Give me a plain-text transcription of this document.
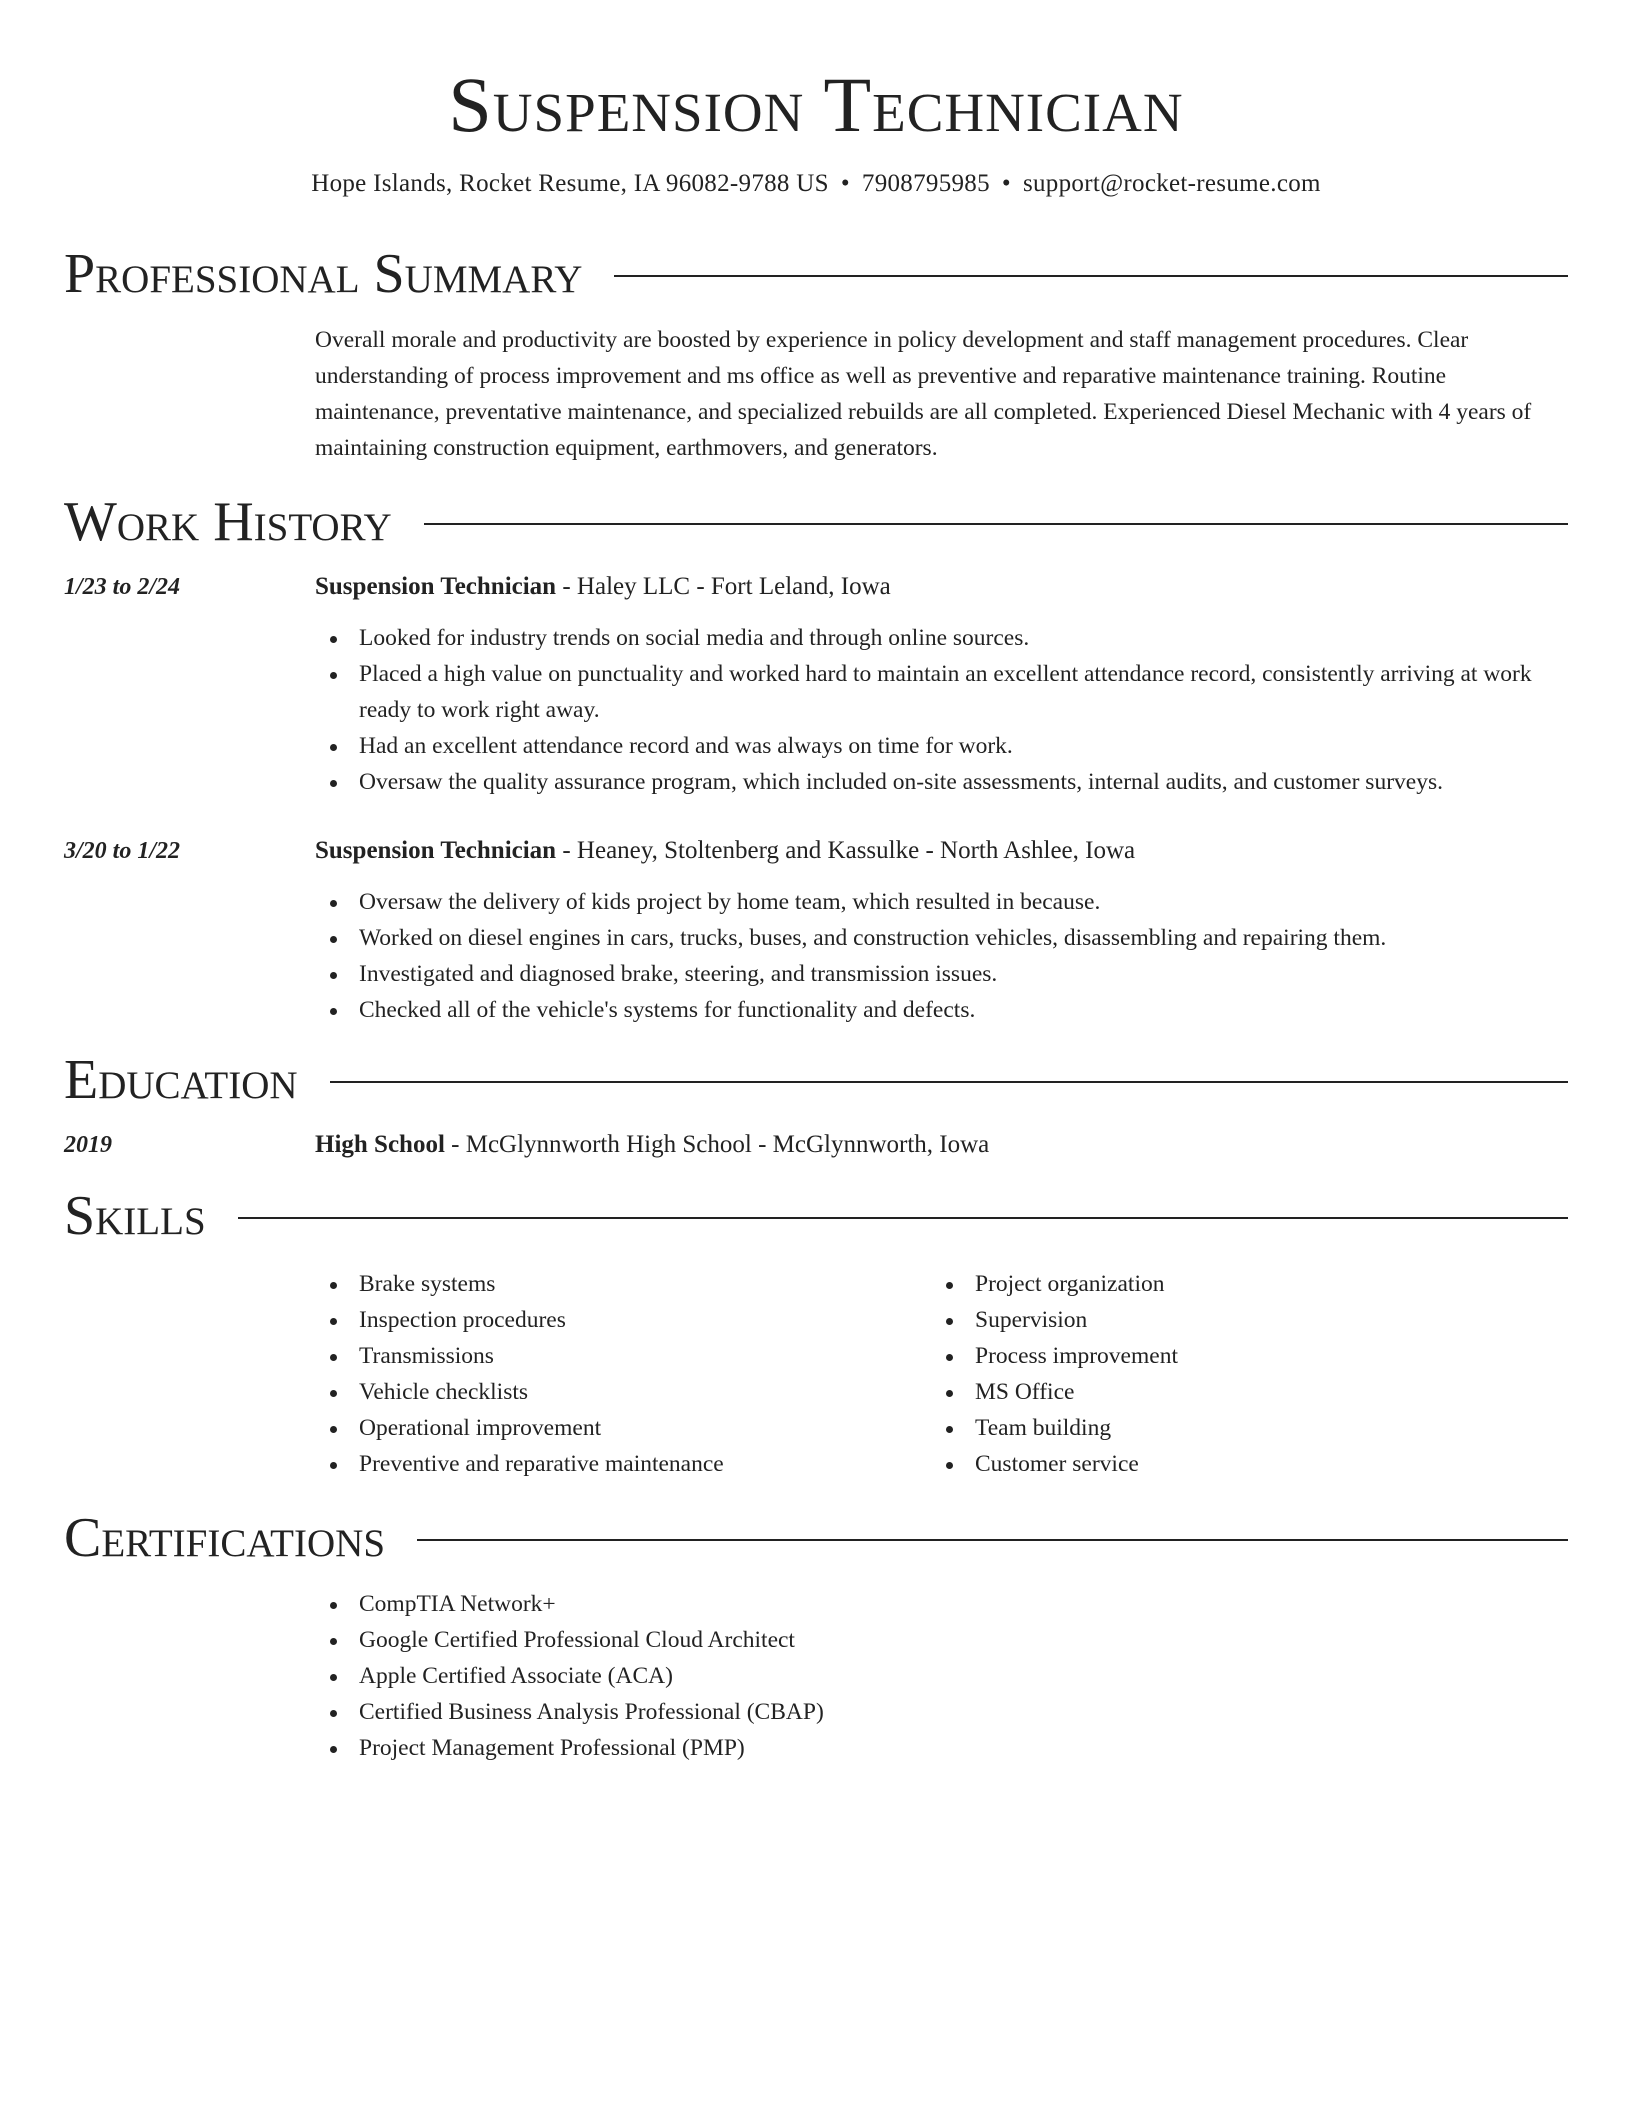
Suspension Technician
Hope Islands, Rocket Resume, IA 96082-9788 US • 7908795985 • support@rocket-resume.com
Professional Summary
Overall morale and productivity are boosted by experience in policy development and staff management procedures. Clear understanding of process improvement and ms office as well as preventive and reparative maintenance training. Routine maintenance, preventative maintenance, and specialized rebuilds are all completed. Experienced Diesel Mechanic with 4 years of maintaining construction equipment, earthmovers, and generators.
Work History
1/23 to 2/24	Suspension Technician - Haley LLC - Fort Leland, Iowa
Looked for industry trends on social media and through online sources.
Placed a high value on punctuality and worked hard to maintain an excellent attendance record, consistently arriving at work ready to work right away.
Had an excellent attendance record and was always on time for work.
Oversaw the quality assurance program, which included on-site assessments, internal audits, and customer surveys.
3/20 to 1/22	Suspension Technician - Heaney, Stoltenberg and Kassulke - North Ashlee, Iowa
Oversaw the delivery of kids project by home team, which resulted in because.
Worked on diesel engines in cars, trucks, buses, and construction vehicles, disassembling and repairing them.
Investigated and diagnosed brake, steering, and transmission issues.
Checked all of the vehicle's systems for functionality and defects.
Education
2019	High School - McGlynnworth High School - McGlynnworth, Iowa
Skills
Brake systems
Inspection procedures
Transmissions
Vehicle checklists
Operational improvement
Preventive and reparative maintenance
Project organization
Supervision
Process improvement
MS Office
Team building
Customer service
Certifications
CompTIA Network+
Google Certified Professional Cloud Architect
Apple Certified Associate (ACA)
Certified Business Analysis Professional (CBAP)
Project Management Professional (PMP)
